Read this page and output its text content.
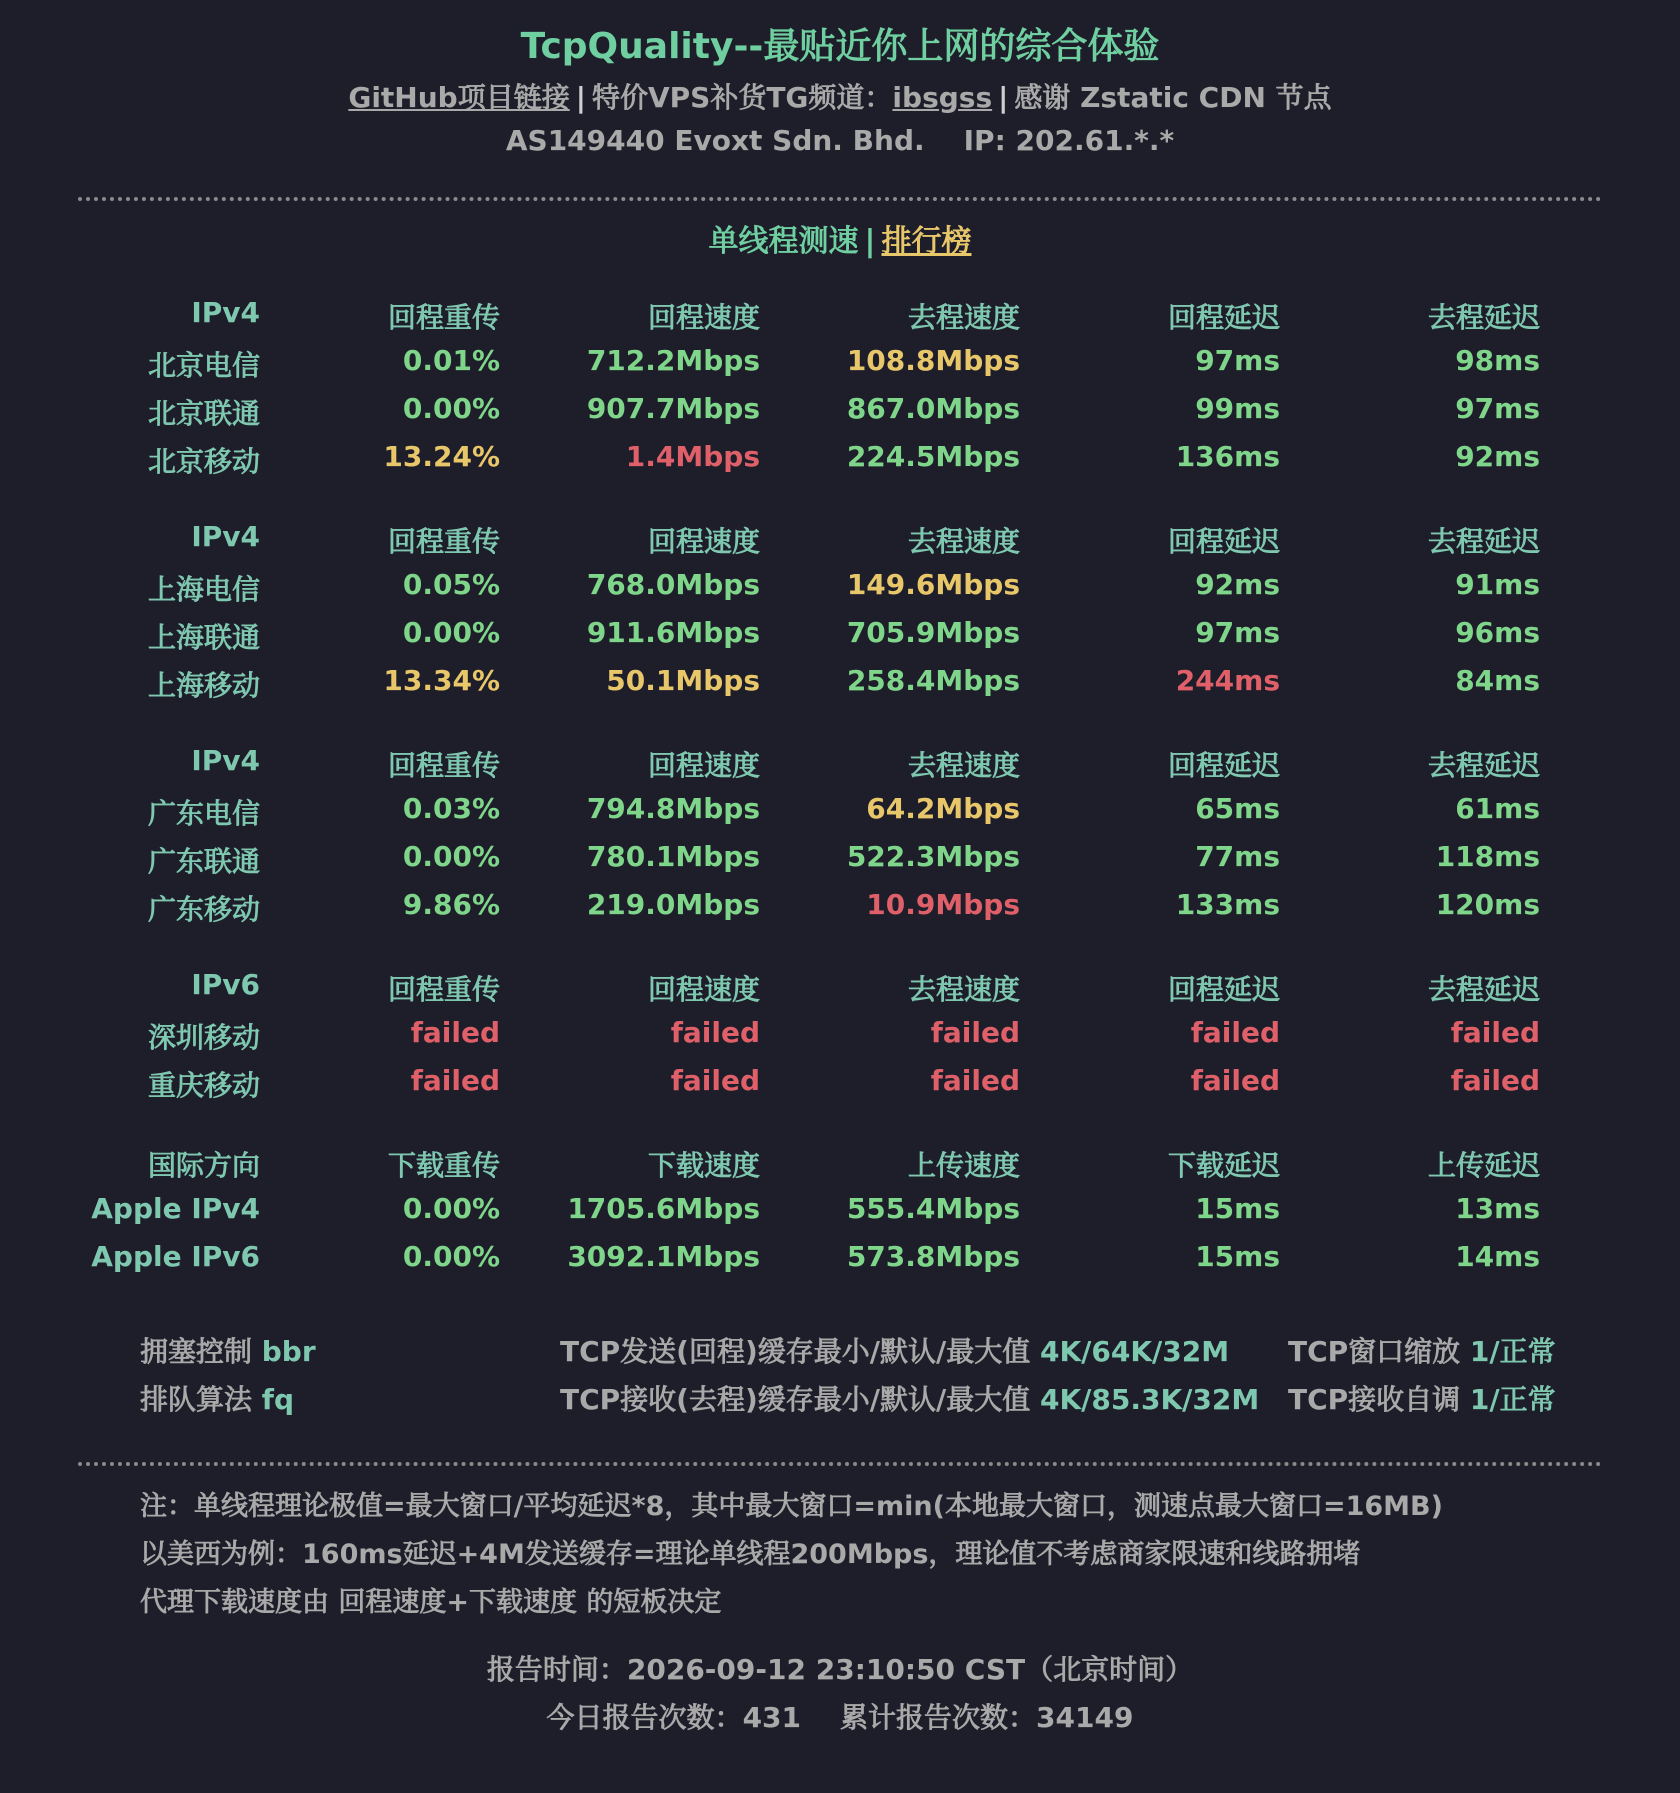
TcpQuality--最贴近你上网的综合体验
GitHub项目链接 | 特价VPS补货TG频道：ibsgss | 感谢 Zstatic CDN 节点
AS149440 Evoxt Sdn. Bhd. IP: 202.61.*.*
单线程测速 | 排行榜
IPv4	回程重传	回程速度	去程速度	回程延迟	去程延迟
北京电信	0.01%	712.2Mbps	108.8Mbps	97ms	98ms
北京联通	0.00%	907.7Mbps	867.0Mbps	99ms	97ms
北京移动	13.24%	1.4Mbps	224.5Mbps	136ms	92ms
IPv4	回程重传	回程速度	去程速度	回程延迟	去程延迟
上海电信	0.05%	768.0Mbps	149.6Mbps	92ms	91ms
上海联通	0.00%	911.6Mbps	705.9Mbps	97ms	96ms
上海移动	13.34%	50.1Mbps	258.4Mbps	244ms	84ms
IPv4	回程重传	回程速度	去程速度	回程延迟	去程延迟
广东电信	0.03%	794.8Mbps	64.2Mbps	65ms	61ms
广东联通	0.00%	780.1Mbps	522.3Mbps	77ms	118ms
广东移动	9.86%	219.0Mbps	10.9Mbps	133ms	120ms
IPv6	回程重传	回程速度	去程速度	回程延迟	去程延迟
深圳移动	failed	failed	failed	failed	failed
重庆移动	failed	failed	failed	failed	failed
国际方向	下载重传	下载速度	上传速度	下载延迟	上传延迟
Apple IPv4	0.00%	1705.6Mbps	555.4Mbps	15ms	13ms
Apple IPv6	0.00%	3092.1Mbps	573.8Mbps	15ms	14ms
拥塞控制 bbr	TCP发送(回程)缓存最小/默认/最大值 4K/64K/32M TCP窗口缩放 1/正常
排队算法 fq	TCP接收(去程)缓存最小/默认/最大值 4K/85.3K/32M TCP接收自调 1/正常
注：单线程理论极值=最大窗口/平均延迟*8，其中最大窗口=min(本地最大窗口，测速点最大窗口=16MB)
以美西为例：160ms延迟+4M发送缓存=理论单线程200Mbps，理论值不考虑商家限速和线路拥堵
代理下载速度由 回程速度+下载速度 的短板决定
报告时间：2026-09-12 23:10:50 CST（北京时间）
今日报告次数：431 累计报告次数：34149
